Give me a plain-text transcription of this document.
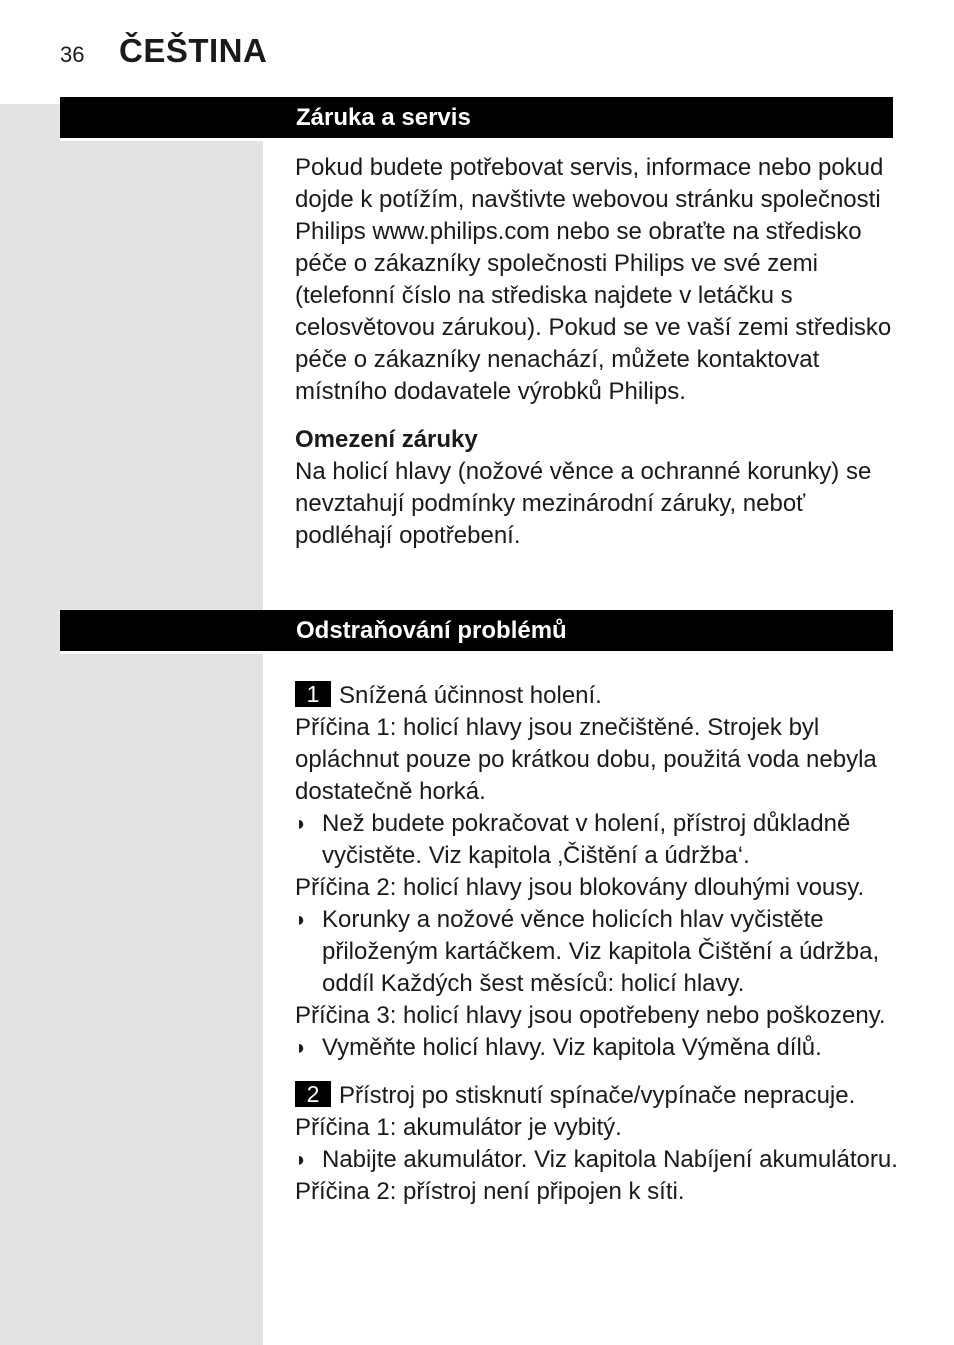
36 ČEŠTINA
Záruka a servis

Pokud budete potřebovat servis, informace nebo pokud dojde k potížím, navštivte webovou stránku společnosti Philips www.philips.com nebo se obraťte na středisko péče o zákazníky společnosti Philips ve své zemi (telefonní číslo na střediska najdete v letáčku s celosvětovou zárukou). Pokud se ve vaší zemi středisko péče o zákazníky nenachází, můžete kontaktovat místního dodavatele výrobků Philips.

Omezení záruky

Na holicí hlavy (nožové věnce a ochranné korunky) se nevztahují podmínky mezinárodní záruky, neboť podléhají opotřebení.

Odstraňování problémů

1 Snížená účinnost holení.

Příčina 1: holicí hlavy jsou znečištěné. Strojek byl opláchnut pouze po krátkou dobu, použitá voda nebyla dostatečně horká.

◗ Než budete pokračovat v holení, přístroj důkladně vyčistěte. Viz kapitola ‚Čištění a údržba‘.

Příčina 2: holicí hlavy jsou blokovány dlouhými vousy.

◗ Korunky a nožové věnce holicích hlav vyčistěte přiloženým kartáčkem. Viz kapitola Čištění a údržba, oddíl Každých šest měsíců: holicí hlavy.

Příčina 3: holicí hlavy jsou opotřebeny nebo poškozeny.

◗ Vyměňte holicí hlavy. Viz kapitola Výměna dílů.

2 Přístroj po stisknutí spínače/vypínače nepracuje.

Příčina 1: akumulátor je vybitý.

◗ Nabijte akumulátor. Viz kapitola Nabíjení akumulátoru.

Příčina 2: přístroj není připojen k síti.
